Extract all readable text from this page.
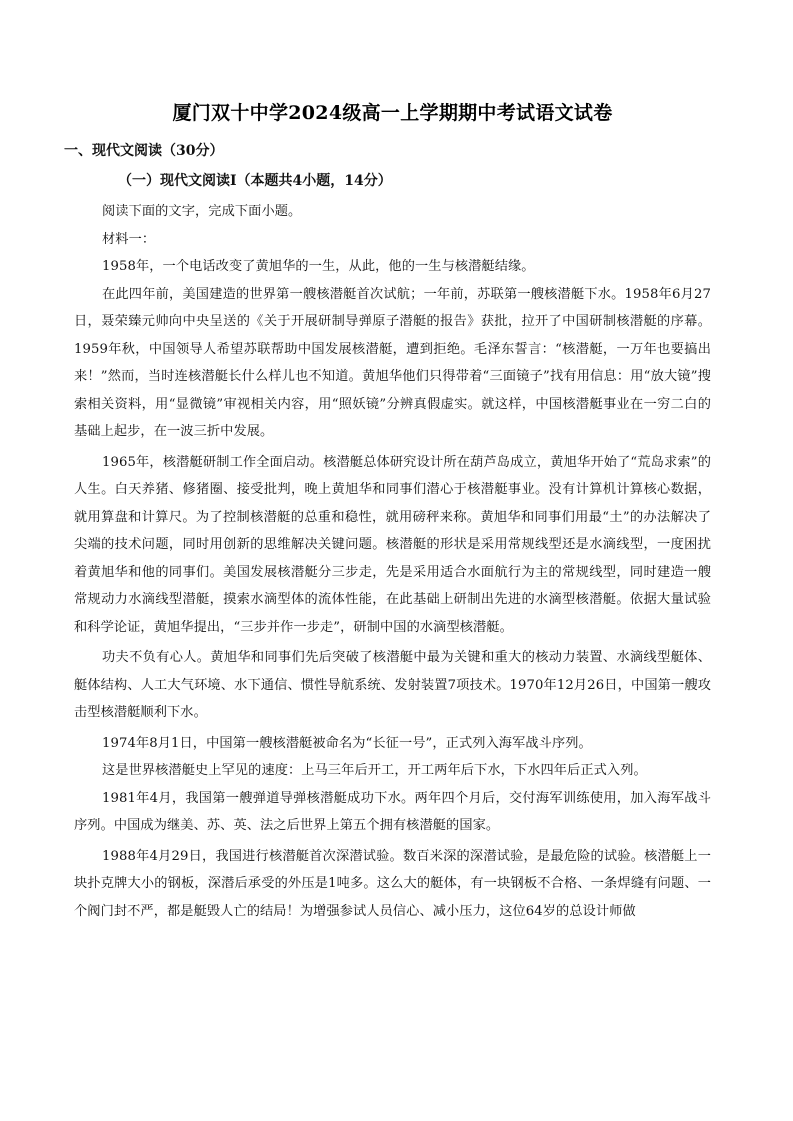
厦门双十中学2024级高一上学期期中考试语文试卷
一、现代文阅读（30分）
（一）现代文阅读Ⅰ（本题共4小题，14分）

阅读下面的文字，完成下面小题。

材料一：

1958年，一个电话改变了黄旭华的一生，从此，他的一生与核潜艇结缘。

在此四年前，美国建造的世界第一艘核潜艇首次试航；一年前，苏联第一艘核潜艇下水。1958年6月27日，聂荣臻元帅向中央呈送的《关于开展研制导弹原子潜艇的报告》获批，拉开了中国研制核潜艇的序幕。1959年秋，中国领导人希望苏联帮助中国发展核潜艇，遭到拒绝。毛泽东誓言：“核潜艇，一万年也要搞出来！”然而，当时连核潜艇长什么样儿也不知道。黄旭华他们只得带着“三面镜子”找有用信息：用“放大镜”搜索相关资料，用“显微镜”审视相关内容，用“照妖镜”分辨真假虚实。就这样，中国核潜艇事业在一穷二白的基础上起步，在一波三折中发展。

1965年，核潜艇研制工作全面启动。核潜艇总体研究设计所在葫芦岛成立，黄旭华开始了“荒岛求索”的人生。白天养猪、修猪圈、接受批判，晚上黄旭华和同事们潜心于核潜艇事业。没有计算机计算核心数据，就用算盘和计算尺。为了控制核潜艇的总重和稳性，就用磅秤来称。黄旭华和同事们用最“土”的办法解决了尖端的技术问题，同时用创新的思维解决关键问题。核潜艇的形状是采用常规线型还是水滴线型，一度困扰着黄旭华和他的同事们。美国发展核潜艇分三步走，先是采用适合水面航行为主的常规线型，同时建造一艘常规动力水滴线型潜艇，摸索水滴型体的流体性能，在此基础上研制出先进的水滴型核潜艇。依据大量试验和科学论证，黄旭华提出，“三步并作一步走”，研制中国的水滴型核潜艇。

功夫不负有心人。黄旭华和同事们先后突破了核潜艇中最为关键和重大的核动力装置、水滴线型艇体、艇体结构、人工大气环境、水下通信、惯性导航系统、发射装置7项技术。1970年12月26日，中国第一艘攻击型核潜艇顺利下水。

1974年8月1日，中国第一艘核潜艇被命名为“长征一号”，正式列入海军战斗序列。

这是世界核潜艇史上罕见的速度：上马三年后开工，开工两年后下水，下水四年后正式入列。

1981年4月，我国第一艘弹道导弹核潜艇成功下水。两年四个月后，交付海军训练使用，加入海军战斗序列。中国成为继美、苏、英、法之后世界上第五个拥有核潜艇的国家。

1988年4月29日，我国进行核潜艇首次深潜试验。数百米深的深潜试验，是最危险的试验。核潜艇上一块扑克牌大小的钢板，深潜后承受的外压是1吨多。这么大的艇体，有一块钢板不合格、一条焊缝有问题、一个阀门封不严，都是艇毁人亡的结局！为增强参试人员信心、减小压力，这位64岁的总设计师做
